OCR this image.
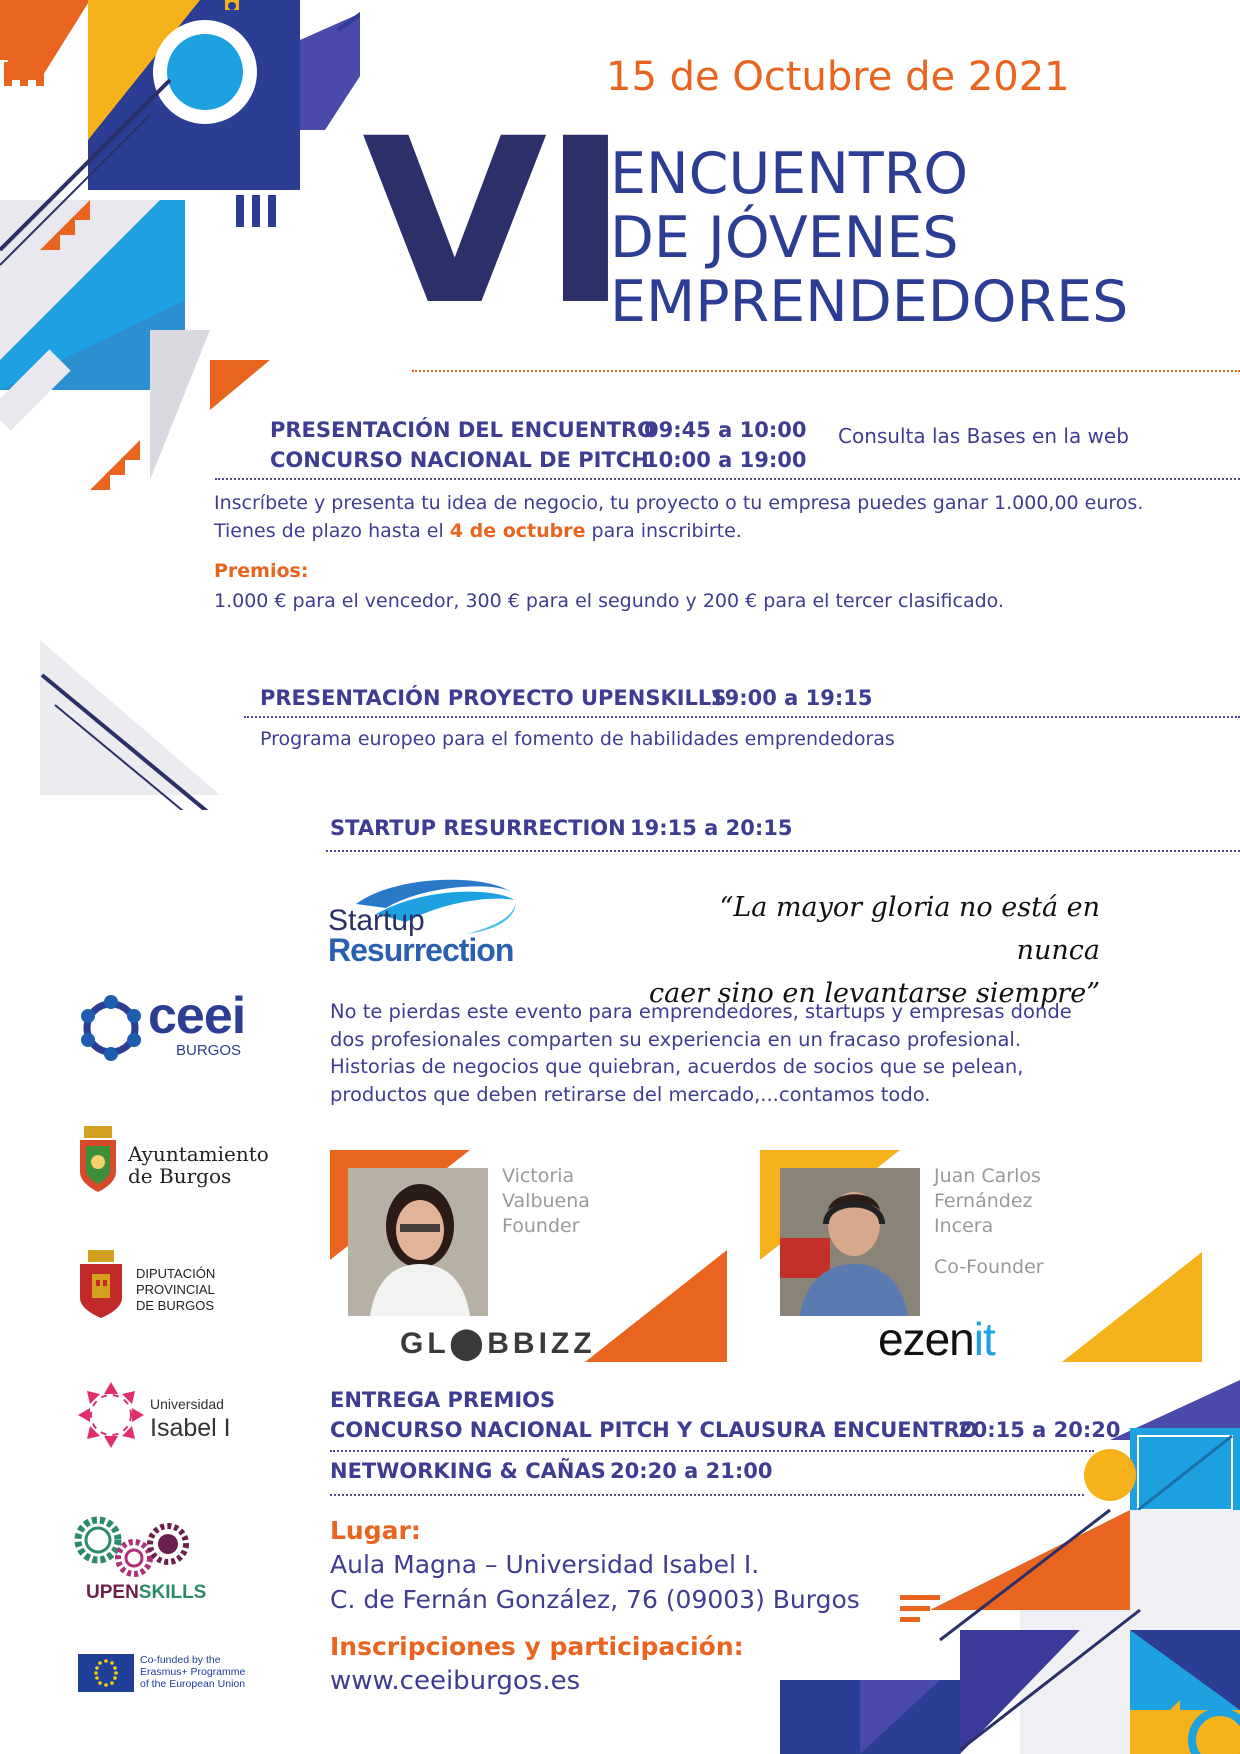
15 de Octubre de 2021
VI
ENCUENTRO
DE JÓVENES
EMPRENDEDORES
PRESENTACIÓN DEL ENCUENTRO
09:45 a 10:00
CONCURSO NACIONAL DE PITCH
10:00 a 19:00
Consulta las Bases en la web
Inscríbete y presenta tu idea de negocio, tu proyecto o tu empresa puedes ganar 1.000,00 euros.
Tienes de plazo hasta el 4 de octubre para inscribirte.
Premios:
1.000 € para el vencedor, 300 € para el segundo y 200 € para el tercer clasificado.
PRESENTACIÓN PROYECTO UPENSKILLS
19:00 a 19:15
Programa europeo para el fomento de habilidades emprendedoras
STARTUP RESURRECTION 19:15 a 20:15
Startup
Resurrection
“La mayor gloria no está en nunca
caer sino en levantarse siempre”
No te pierdas este evento para emprendedores, startups y empresas donde dos profesionales comparten su experiencia en un fracaso profesional. Historias de negocios que quiebran, acuerdos de socios que se pelean, productos que deben retirarse del mercado,...contamos todo.
Victoria
Valbuena
Founder
GL⬤BBIZZ
Juan Carlos
Fernández
Incera
Co-Founder
ezenit
ENTREGA PREMIOS
CONCURSO NACIONAL PITCH Y CLAUSURA ENCUENTRO
20:15 a 20:20
NETWORKING & CAÑAS 20:20 a 21:00
Lugar:
Aula Magna – Universidad Isabel I.
C. de Fernán González, 76 (09003) Burgos
Inscripciones y participación:
www.ceeiburgos.es
ceei
BURGOS
Ayuntamiento
de Burgos
DIPUTACIÓN
PROVINCIAL
DE BURGOS
Universidad
Isabel I
UPENSKILLS
Co-funded by the
Erasmus+ Programme
of the European Union
